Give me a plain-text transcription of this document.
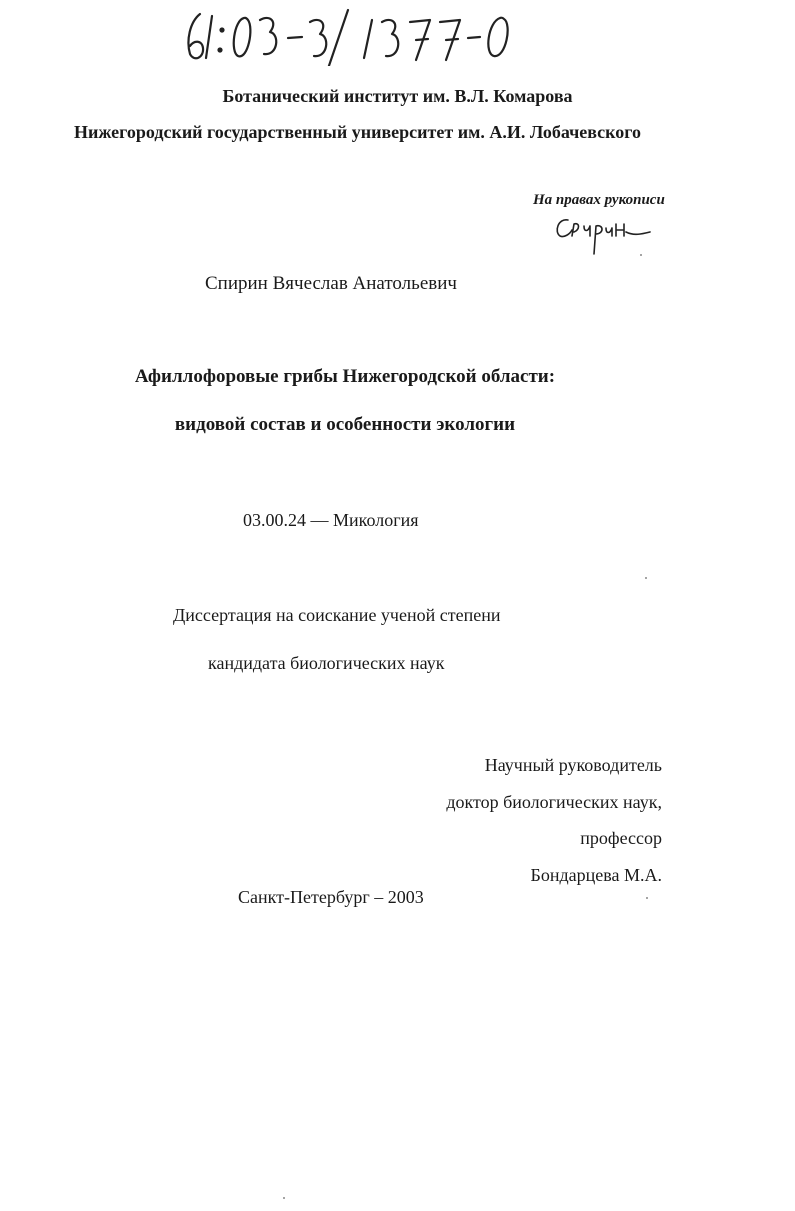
Ботанический институт им. В.Л. Комарова

Нижегородский государственный университет им. А.И. Лобачевского

На правах рукописи

Спирин Вячеслав Анатольевич

Афиллофоровые грибы Нижегородской области:

видовой состав и особенности экологии

03.00.24 — Микология

Диссертация на соискание ученой степени

кандидата биологических наук

Научный руководитель
доктор биологических наук,
профессор
Бондарцева М.А.

Санкт-Петербург – 2003
